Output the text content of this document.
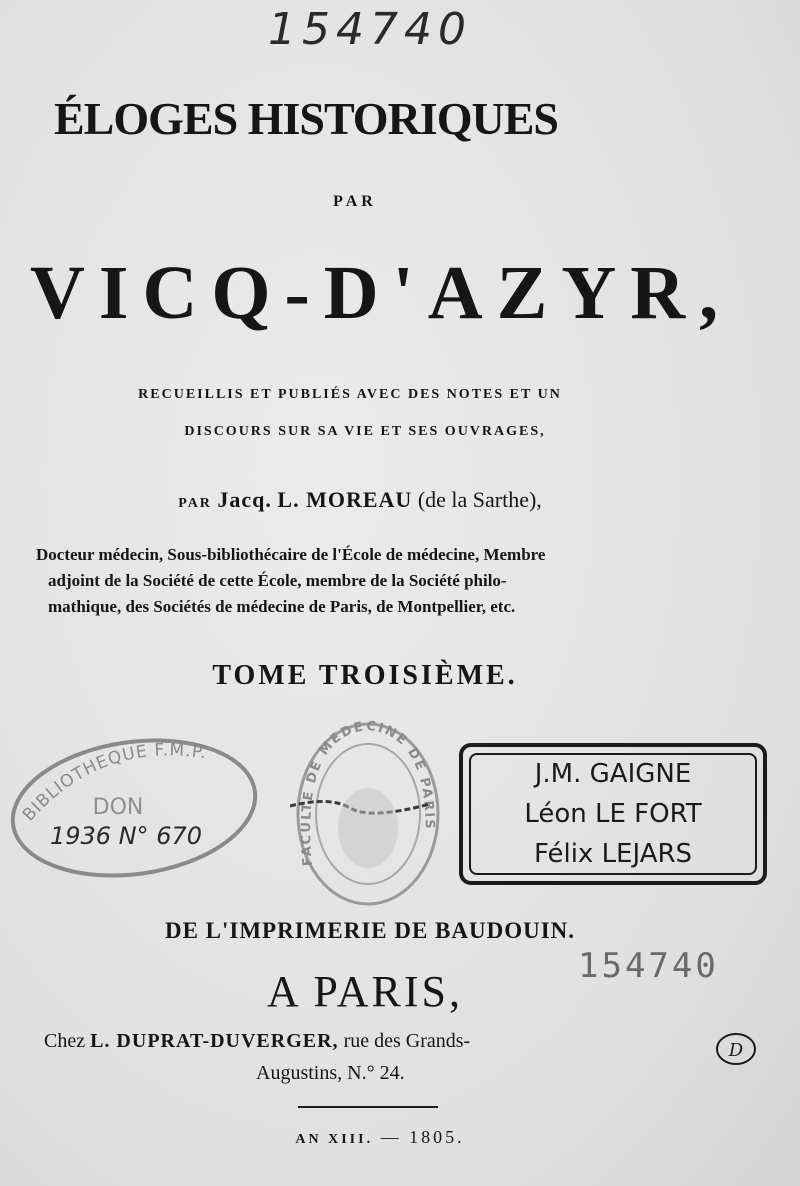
154740
ÉLOGES HISTORIQUES
PAR
VICQ-D'AZYR,
RECUEILLIS ET PUBLIÉS AVEC DES NOTES ET UN
DISCOURS SUR SA VIE ET SES OUVRAGES,
PAR Jacq. L. MOREAU (de la Sarthe),
Docteur médecin, Sous-bibliothécaire de l'École de médecine, Membre
adjoint de la Société de cette École, membre de la Société philo-
mathique, des Sociétés de médecine de Paris, de Montpellier, etc.
TOME TROISIÈME.
BIBLIOTHEQUE F.M.P.
DON
1936 N° 670
FACULTE DE MEDECINE DE PARIS
J.M. GAIGNE
Léon LE FORT
Félix LEJARS
DE L'IMPRIMERIE DE BAUDOUIN.
154740
A PARIS,
Chez L. DUPRAT-DUVERGER, rue des Grands-
Augustins, N.° 24.
D
AN XIII. — 1805.
